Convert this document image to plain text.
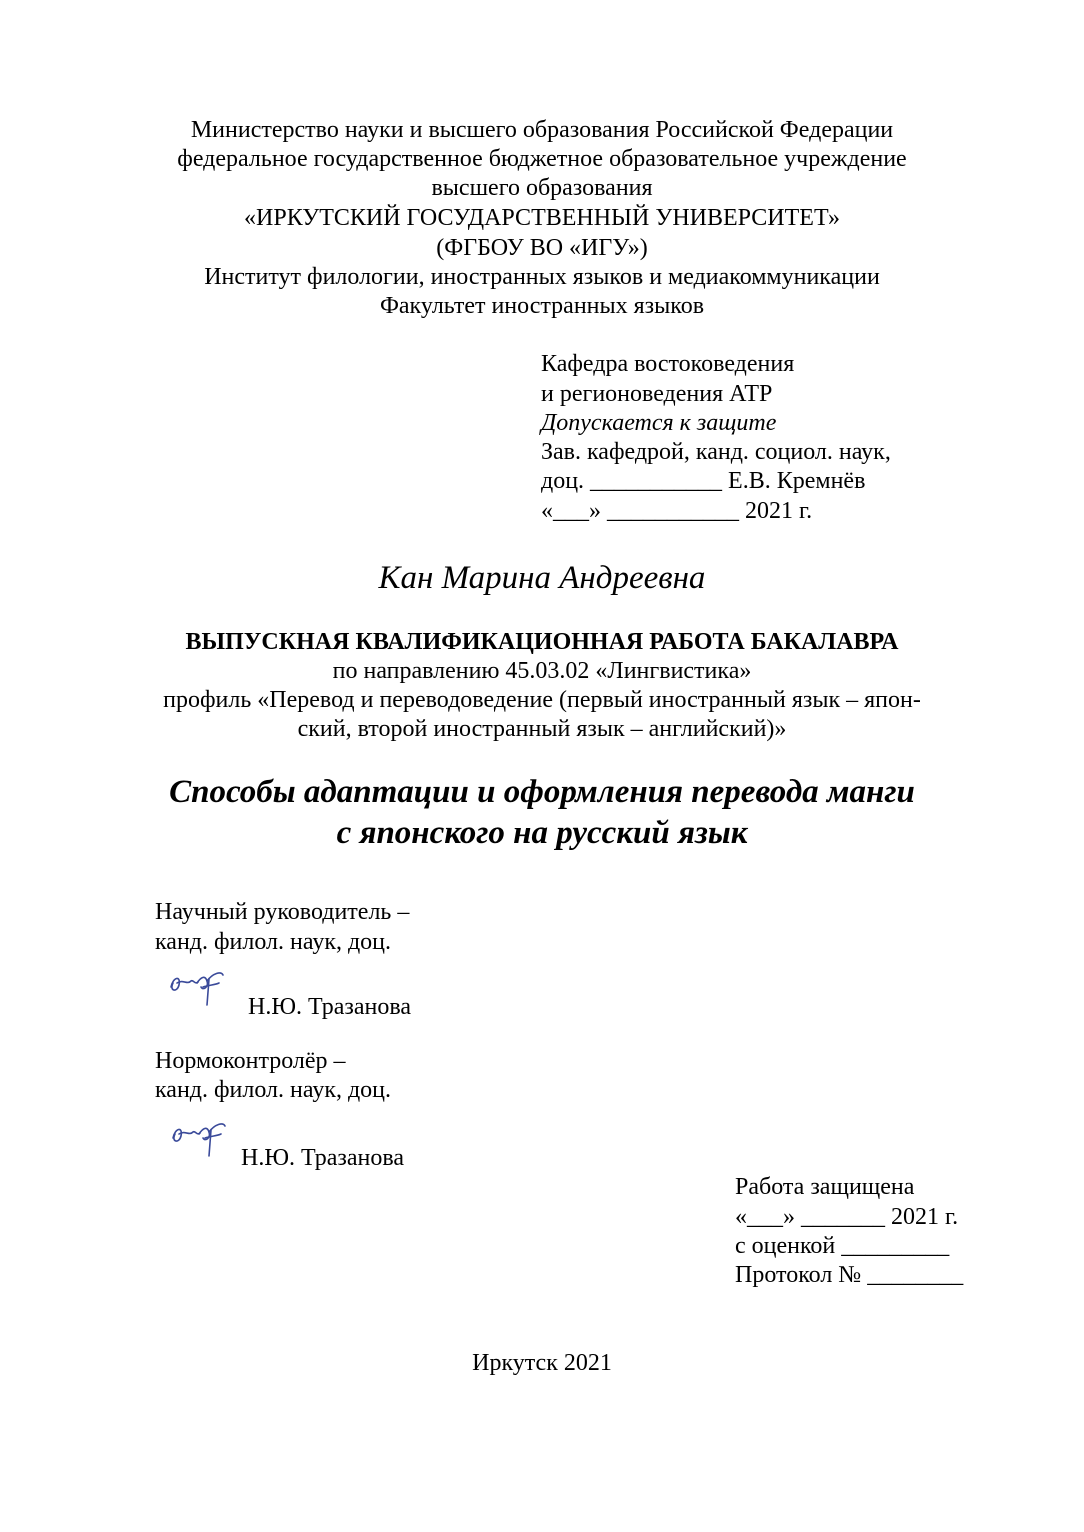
Министерство науки и высшего образования Российской Федерации
федеральное государственное бюджетное образовательное учреждение
высшего образования
«ИРКУТСКИЙ ГОСУДАРСТВЕННЫЙ УНИВЕРСИТЕТ»
(ФГБОУ ВО «ИГУ»)
Институт филологии, иностранных языков и медиакоммуникации
Факультет иностранных языков
Кафедра востоковедения
и регионоведения АТР
Допускается к защите
Зав. кафедрой, канд. социол. наук,
доц. ___________ Е.В. Кремнёв
«___» ___________ 2021 г.
Кан Марина Андреевна
ВЫПУСКНАЯ КВАЛИФИКАЦИОННАЯ РАБОТА БАКАЛАВРА
по направлению 45.03.02 «Лингвистика»
профиль «Перевод и переводоведение (первый иностранный язык – япон-
ский, второй иностранный язык – английский)»
Способы адаптации и оформления перевода манги
с японского на русский язык
Научный руководитель –
канд. филол. наук, доц.
Н.Ю. Тразанова
Нормоконтролёр –
канд. филол. наук, доц.
Н.Ю. Тразанова
Работа защищена
«___» _______ 2021 г.
с оценкой _________
Протокол № ________
Иркутск 2021
